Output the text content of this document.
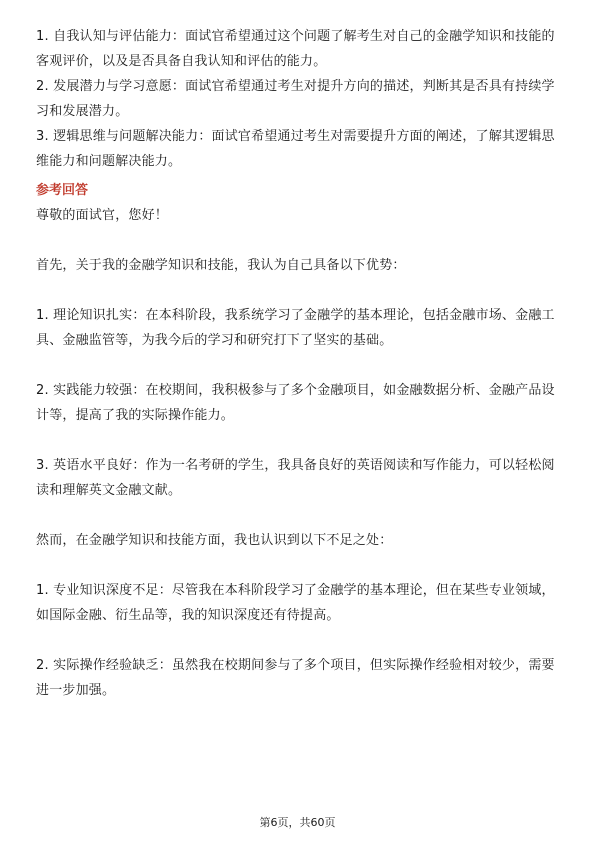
1. 自我认知与评估能力：面试官希望通过这个问题了解考生对自己的金融学知识和技能的客观评价，以及是否具备自我认知和评估的能力。

2. 发展潜力与学习意愿：面试官希望通过考生对提升方向的描述，判断其是否具有持续学习和发展潜力。

3. 逻辑思维与问题解决能力：面试官希望通过考生对需要提升方面的阐述，了解其逻辑思维能力和问题解决能力。

参考回答

尊敬的面试官，您好！

首先，关于我的金融学知识和技能，我认为自己具备以下优势：

1. 理论知识扎实：在本科阶段，我系统学习了金融学的基本理论，包括金融市场、金融工具、金融监管等，为我今后的学习和研究打下了坚实的基础。

2. 实践能力较强：在校期间，我积极参与了多个金融项目，如金融数据分析、金融产品设计等，提高了我的实际操作能力。

3. 英语水平良好：作为一名考研的学生，我具备良好的英语阅读和写作能力，可以轻松阅读和理解英文金融文献。

然而，在金融学知识和技能方面，我也认识到以下不足之处：

1. 专业知识深度不足：尽管我在本科阶段学习了金融学的基本理论，但在某些专业领域，如国际金融、衍生品等，我的知识深度还有待提高。

2. 实际操作经验缺乏：虽然我在校期间参与了多个项目，但实际操作经验相对较少，需要进一步加强。

第6页，共60页
